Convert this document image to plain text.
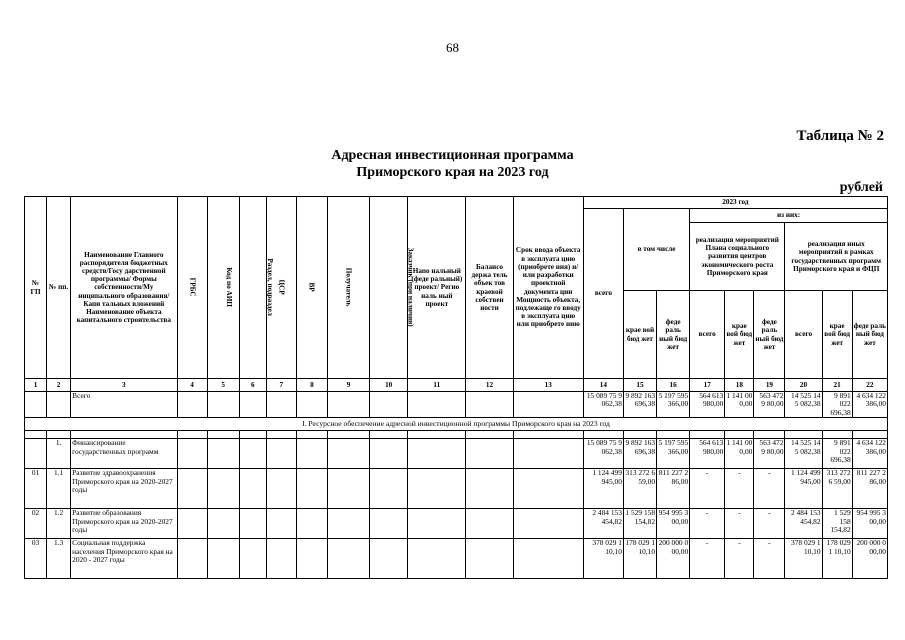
68
Таблица № 2
Адресная инвестиционная программа
Приморского края на 2023 год
рублей
№ ГП	№ пп.	Наименование Главного распорядителя бюджетных средств/Госу дарственной программы/ Формы собственности/Му ниципального образования/Капи тальных вложений Наименование объекта капитального строительства	ГРБС	Код по АИП	Раздел, подраздел	ЦСР	ВР	Получатель	Заказчик (при наличии)	Напо нальный (феде ральный) проект/ Регио наль ный проект	Балансо держа тель объек тов краевой собствен ности	Срок ввода объекта в эксплуата цию (приобрете ния) и/или разработки проектной документа ции Мощность объекта, подлежаще го вводу в эксплуата цию или приобрете нию	2023 год								
													всего	в том числе		из них:					
																реализация мероприятий Плана социального развития центров экономического роста Приморского края			реализация иных мероприятий в рамках государственных программ Приморского края и ФЦП		
														крае вой бюд жет	феде раль ный бюд жет	всего	крае вой бюд жет	феде раль ный бюд жет	всего	крае вой бюд жет	феде раль ный бюд жет
1	2	3	4	5	6	7	8	9	10	11	12	13	14	15	16	17	18	19	20	21	22
		Всего											15 089 75 9 062,38	9 892 163 696,38	5 197 595 366,00	564 613 980,00	1 141 00 0,00	563 472 9 80,00	14 525 14 5 082,38	9 891 022 696,38	4 634 122 386,00
I. Ресурсное обеспечение адресной инвестиционной программы Приморского края на 2023 год																					

	1.	Финансирование государственных программ											15 089 75 9 062,38	9 892 163 696,38	5 197 595 366,00	564 613 980,00	1 141 00 0,00	563 472 9 80,00	14 525 14 5 082,38	9 891 022 696,38	4 634 122 386,00
01	1.1	Развитие здравоохранения Приморского края на 2020-2027 годы											1 124 499 945,00	313 272 6 59,00	811 227 2 86,00	-	-	-	1 124 499 945,00	313 272 6 59,00	811 227 2 86,00
02	1.2	Развитие образования Приморского края на 2020-2027 годы											2 484 153 454,82	1 529 158 154,82	954 995 3 00,00	-	-	-	2 484 153 454,82	1 529 158 154,82	954 995 3 00,00
03	1.3	Социальная поддержка населения Приморского края на 2020 - 2027 годы											378 029 1 10,10	178 029 1 10,10	200 000 0 00,00	-	-	-	378 029 1 10,10	178 029 1 10,10	200 000 0 00,00
